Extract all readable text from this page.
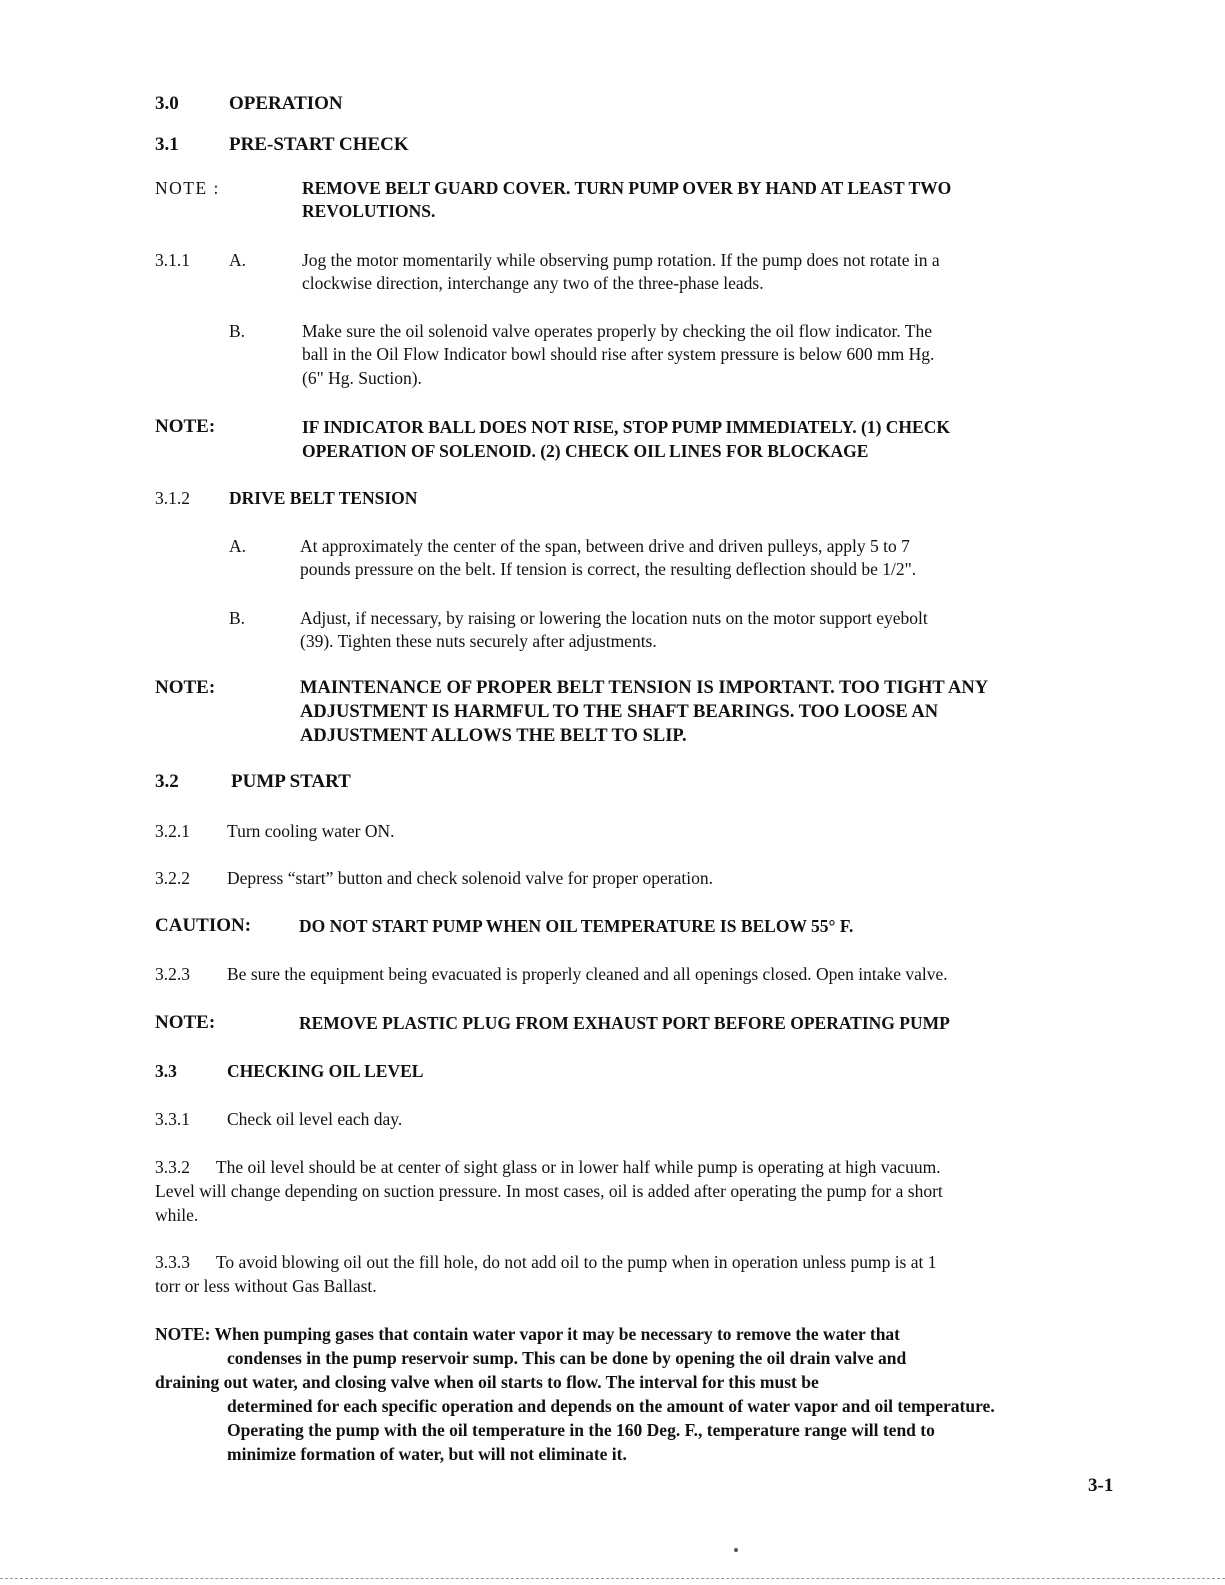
3.0	OPERATION
3.1	PRE-START CHECK
NOTE :	REMOVE BELT GUARD COVER. TURN PUMP OVER BY HAND AT LEAST TWO
REVOLUTIONS.
3.1.1 A.	Jog the motor momentarily while observing pump rotation. If the pump does not rotate in a
clockwise direction, interchange any two of the three-phase leads.
B.	Make sure the oil solenoid valve operates properly by checking the oil flow indicator. The
ball in the Oil Flow Indicator bowl should rise after system pressure is below 600 mm Hg.
(6" Hg. Suction).
NOTE:	IF INDICATOR BALL DOES NOT RISE, STOP PUMP IMMEDIATELY. (1) CHECK
OPERATION OF SOLENOID. (2) CHECK OIL LINES FOR BLOCKAGE
3.1.2 DRIVE BELT TENSION
A.	At approximately the center of the span, between drive and driven pulleys, apply 5 to 7
pounds pressure on the belt. If tension is correct, the resulting deflection should be 1/2".
B.	Adjust, if necessary, by raising or lowering the location nuts on the motor support eyebolt
(39). Tighten these nuts securely after adjustments.
NOTE:	MAINTENANCE OF PROPER BELT TENSION IS IMPORTANT. TOO TIGHT ANY
ADJUSTMENT IS HARMFUL TO THE SHAFT BEARINGS. TOO LOOSE AN
ADJUSTMENT ALLOWS THE BELT TO SLIP.
3.2	PUMP START
3.2.1 Turn cooling water ON.
3.2.2 Depress “start” button and check solenoid valve for proper operation.
CAUTION:	DO NOT START PUMP WHEN OIL TEMPERATURE IS BELOW 55° F.
3.2.3 Be sure the equipment being evacuated is properly cleaned and all openings closed. Open intake valve.
NOTE:	REMOVE PLASTIC PLUG FROM EXHAUST PORT BEFORE OPERATING PUMP
3.3	CHECKING OIL LEVEL
3.3.1 Check oil level each day.
3.3.2      The oil level should be at center of sight glass or in lower half while pump is operating at high vacuum.
Level will change depending on suction pressure. In most cases, oil is added after operating the pump for a short
while.
3.3.3      To avoid blowing oil out the fill hole, do not add oil to the pump when in operation unless pump is at 1
torr or less without Gas Ballast.
NOTE: When pumping gases that contain water vapor it may be necessary to remove the water that
condenses in the pump reservoir sump. This can be done by opening the oil drain valve and
draining out water, and closing valve when oil starts to flow. The interval for this must be
determined for each specific operation and depends on the amount of water vapor and oil temperature.
Operating the pump with the oil temperature in the 160 Deg. F., temperature range will tend to
minimize formation of water, but will not eliminate it.
3-1
